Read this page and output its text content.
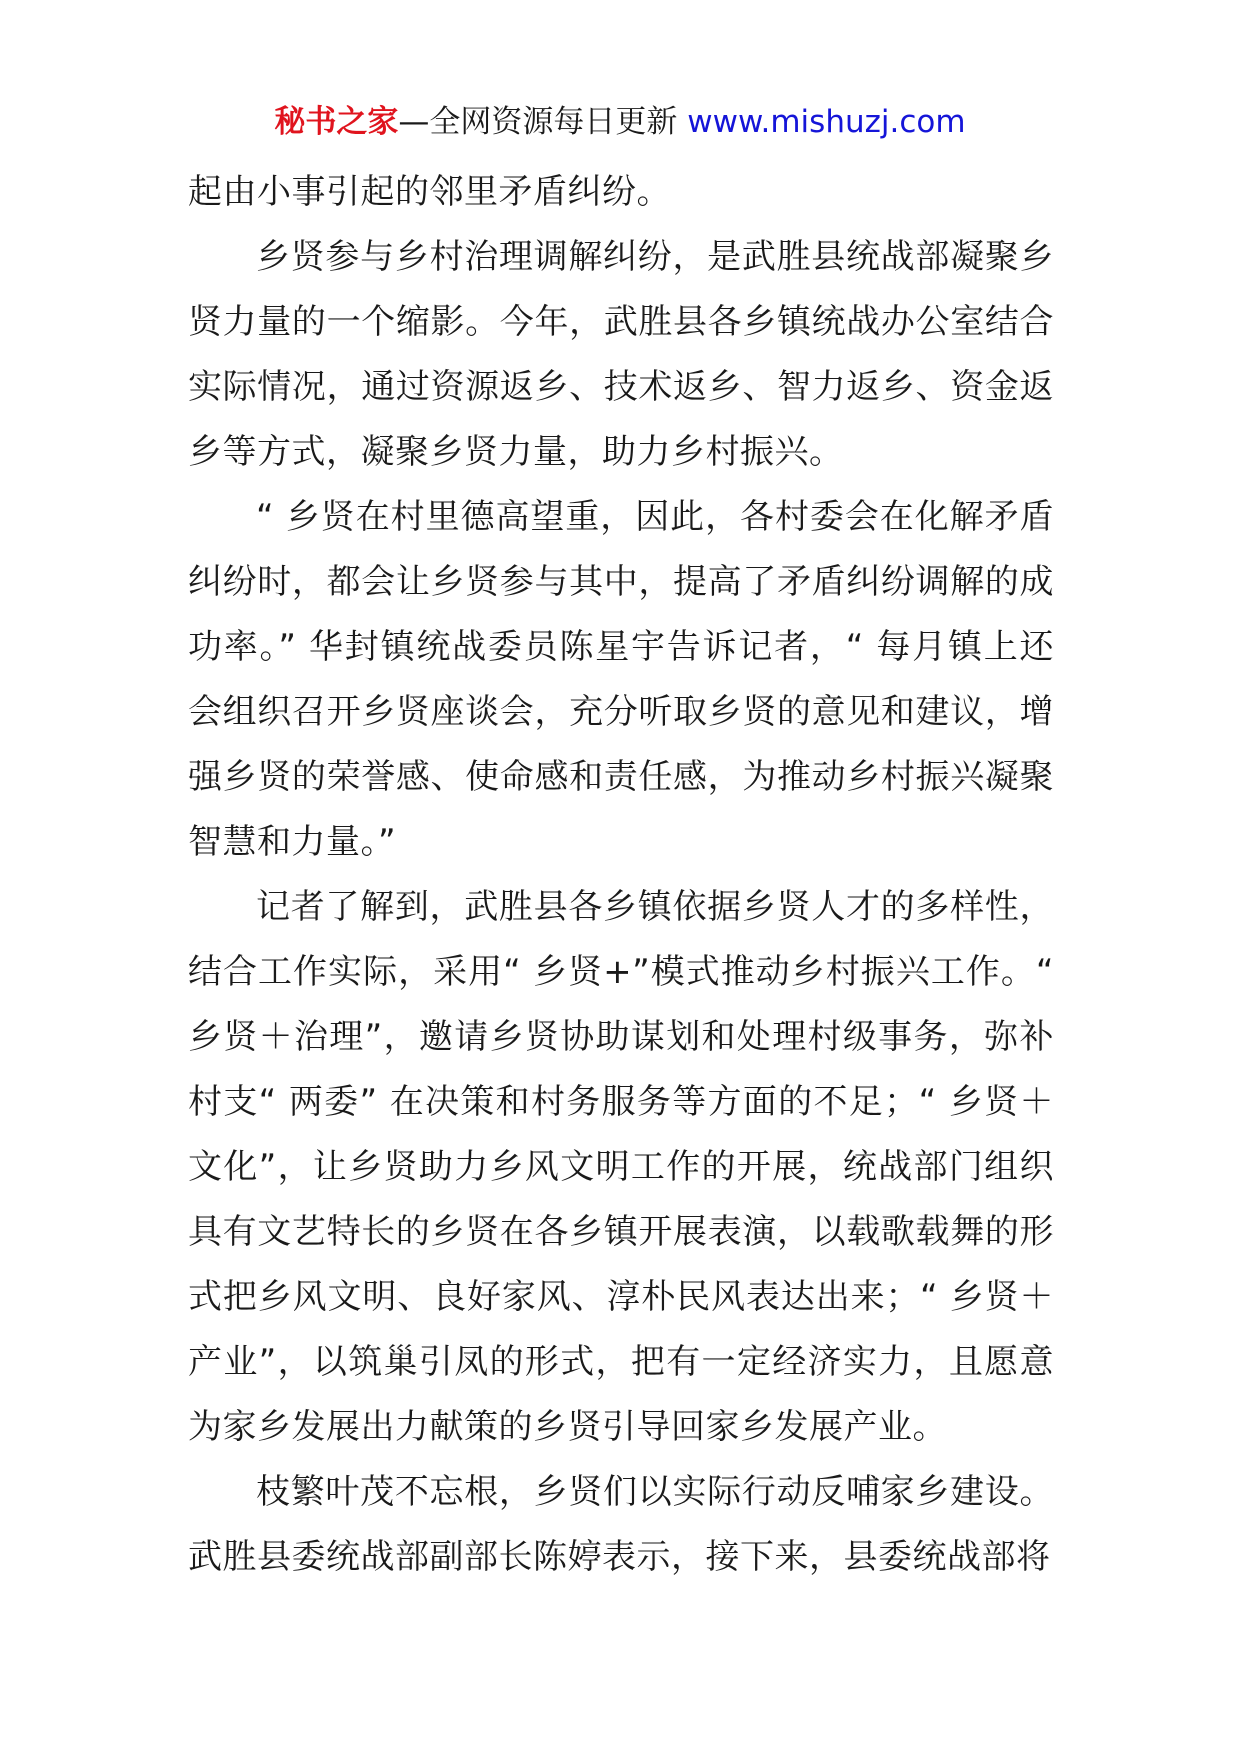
秘书之家—全网资源每日更新 www.mishuzj.com

起由小事引起的邻里矛盾纠纷。

乡贤参与乡村治理调解纠纷，是武胜县统战部凝聚乡贤力量的一个缩影。今年，武胜县各乡镇统战办公室结合实际情况，通过资源返乡、技术返乡、智力返乡、资金返乡等方式，凝聚乡贤力量，助力乡村振兴。

“ 乡贤在村里德高望重，因此，各村委会在化解矛盾纠纷时，都会让乡贤参与其中，提高了矛盾纠纷调解的成功率。” 华封镇统战委员陈星宇告诉记者，“ 每月镇上还会组织召开乡贤座谈会，充分听取乡贤的意见和建议，增强乡贤的荣誉感、使命感和责任感，为推动乡村振兴凝聚智慧和力量。”

记者了解到，武胜县各乡镇依据乡贤人才的多样性，结合工作实际，采用“ 乡贤+”模式推动乡村振兴工作。“ 乡贤＋治理”，邀请乡贤协助谋划和处理村级事务，弥补村支“ 两委” 在决策和村务服务等方面的不足；“ 乡贤＋文化”，让乡贤助力乡风文明工作的开展，统战部门组织具有文艺特长的乡贤在各乡镇开展表演，以载歌载舞的形式把乡风文明、良好家风、淳朴民风表达出来；“ 乡贤＋产业”，以筑巢引凤的形式，把有一定经济实力，且愿意为家乡发展出力献策的乡贤引导回家乡发展产业。

枝繁叶茂不忘根，乡贤们以实际行动反哺家乡建设。武胜县委统战部副部长陈婷表示，接下来，县委统战部将
